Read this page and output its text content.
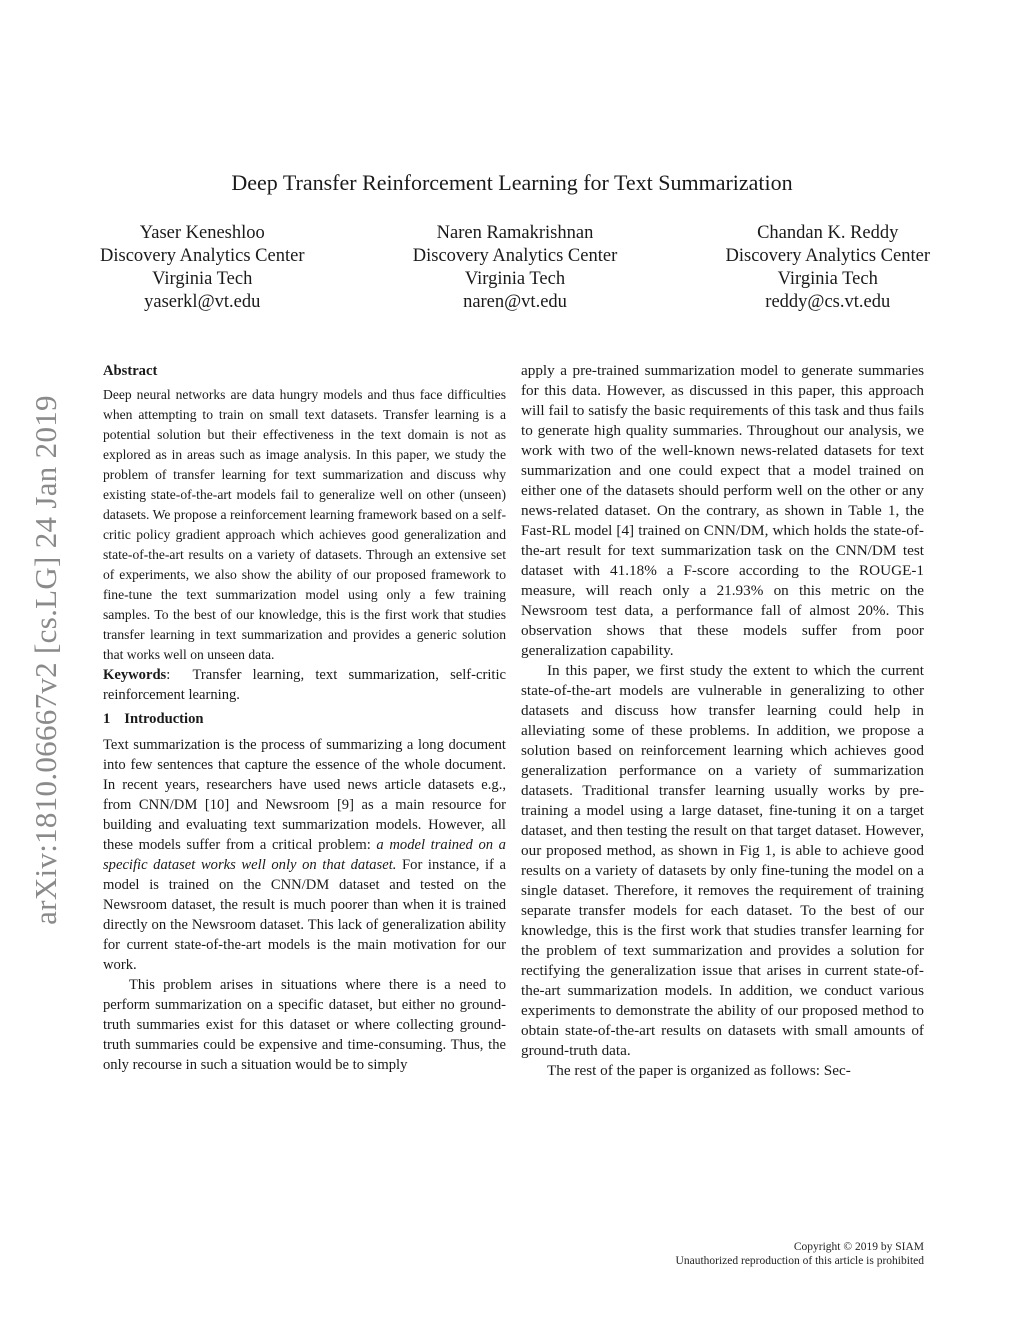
arXiv:1810.06667v2 [cs.LG] 24 Jan 2019
Deep Transfer Reinforcement Learning for Text Summarization
Yaser Keneshloo
Discovery Analytics Center
Virginia Tech
yaserkl@vt.edu
Naren Ramakrishnan
Discovery Analytics Center
Virginia Tech
naren@vt.edu
Chandan K. Reddy
Discovery Analytics Center
Virginia Tech
reddy@cs.vt.edu
Abstract

Deep neural networks are data hungry models and thus face difficulties when attempting to train on small text datasets. Transfer learning is a potential solution but their effectiveness in the text domain is not as explored as in areas such as image analysis. In this paper, we study the problem of transfer learning for text summarization and discuss why existing state-of-the-art models fail to generalize well on other (unseen) datasets. We propose a reinforcement learning framework based on a self-critic policy gradient approach which achieves good generalization and state-of-the-art results on a variety of datasets. Through an extensive set of experiments, we also show the ability of our proposed framework to fine-tune the text summarization model using only a few training samples. To the best of our knowledge, this is the first work that studies transfer learning in text summarization and provides a generic solution that works well on unseen data.

Keywords:  Transfer learning, text summarization, self-critic reinforcement learning.

1 Introduction

Text summarization is the process of summarizing a long document into few sentences that capture the essence of the whole document. In recent years, researchers have used news article datasets e.g., from CNN/DM [10] and Newsroom [9] as a main resource for building and evaluating text summarization models. However, all these models suffer from a critical problem: a model trained on a specific dataset works well only on that dataset. For instance, if a model is trained on the CNN/DM dataset and tested on the Newsroom dataset, the result is much poorer than when it is trained directly on the Newsroom dataset. This lack of generalization ability for current state-of-the-art models is the main motivation for our work.

This problem arises in situations where there is a need to perform summarization on a specific dataset, but either no ground-truth summaries exist for this dataset or where collecting ground-truth summaries could be expensive and time-consuming. Thus, the only recourse in such a situation would be to simply

apply a pre-trained summarization model to generate summaries for this data. However, as discussed in this paper, this approach will fail to satisfy the basic requirements of this task and thus fails to generate high quality summaries. Throughout our analysis, we work with two of the well-known news-related datasets for text summarization and one could expect that a model trained on either one of the datasets should perform well on the other or any news-related dataset. On the contrary, as shown in Table 1, the Fast-RL model [4] trained on CNN/DM, which holds the state-of-the-art result for text summarization task on the CNN/DM test dataset with 41.18% a F-score according to the ROUGE-1 measure, will reach only a 21.93% on this metric on the Newsroom test data, a performance fall of almost 20%. This observation shows that these models suffer from poor generalization capability.

In this paper, we first study the extent to which the current state-of-the-art models are vulnerable in generalizing to other datasets and discuss how transfer learning could help in alleviating some of these problems. In addition, we propose a solution based on reinforcement learning which achieves good generalization performance on a variety of summarization datasets. Traditional transfer learning usually works by pre-training a model using a large dataset, fine-tuning it on a target dataset, and then testing the result on that target dataset. However, our proposed method, as shown in Fig 1, is able to achieve good results on a variety of datasets by only fine-tuning the model on a single dataset. Therefore, it removes the requirement of training separate transfer models for each dataset. To the best of our knowledge, this is the first work that studies transfer learning for the problem of text summarization and provides a solution for rectifying the generalization issue that arises in current state-of-the-art summarization models. In addition, we conduct various experiments to demonstrate the ability of our proposed method to obtain state-of-the-art results on datasets with small amounts of ground-truth data.

The rest of the paper is organized as follows: Sec-

Copyright © 2019 by SIAM
Unauthorized reproduction of this article is prohibited
